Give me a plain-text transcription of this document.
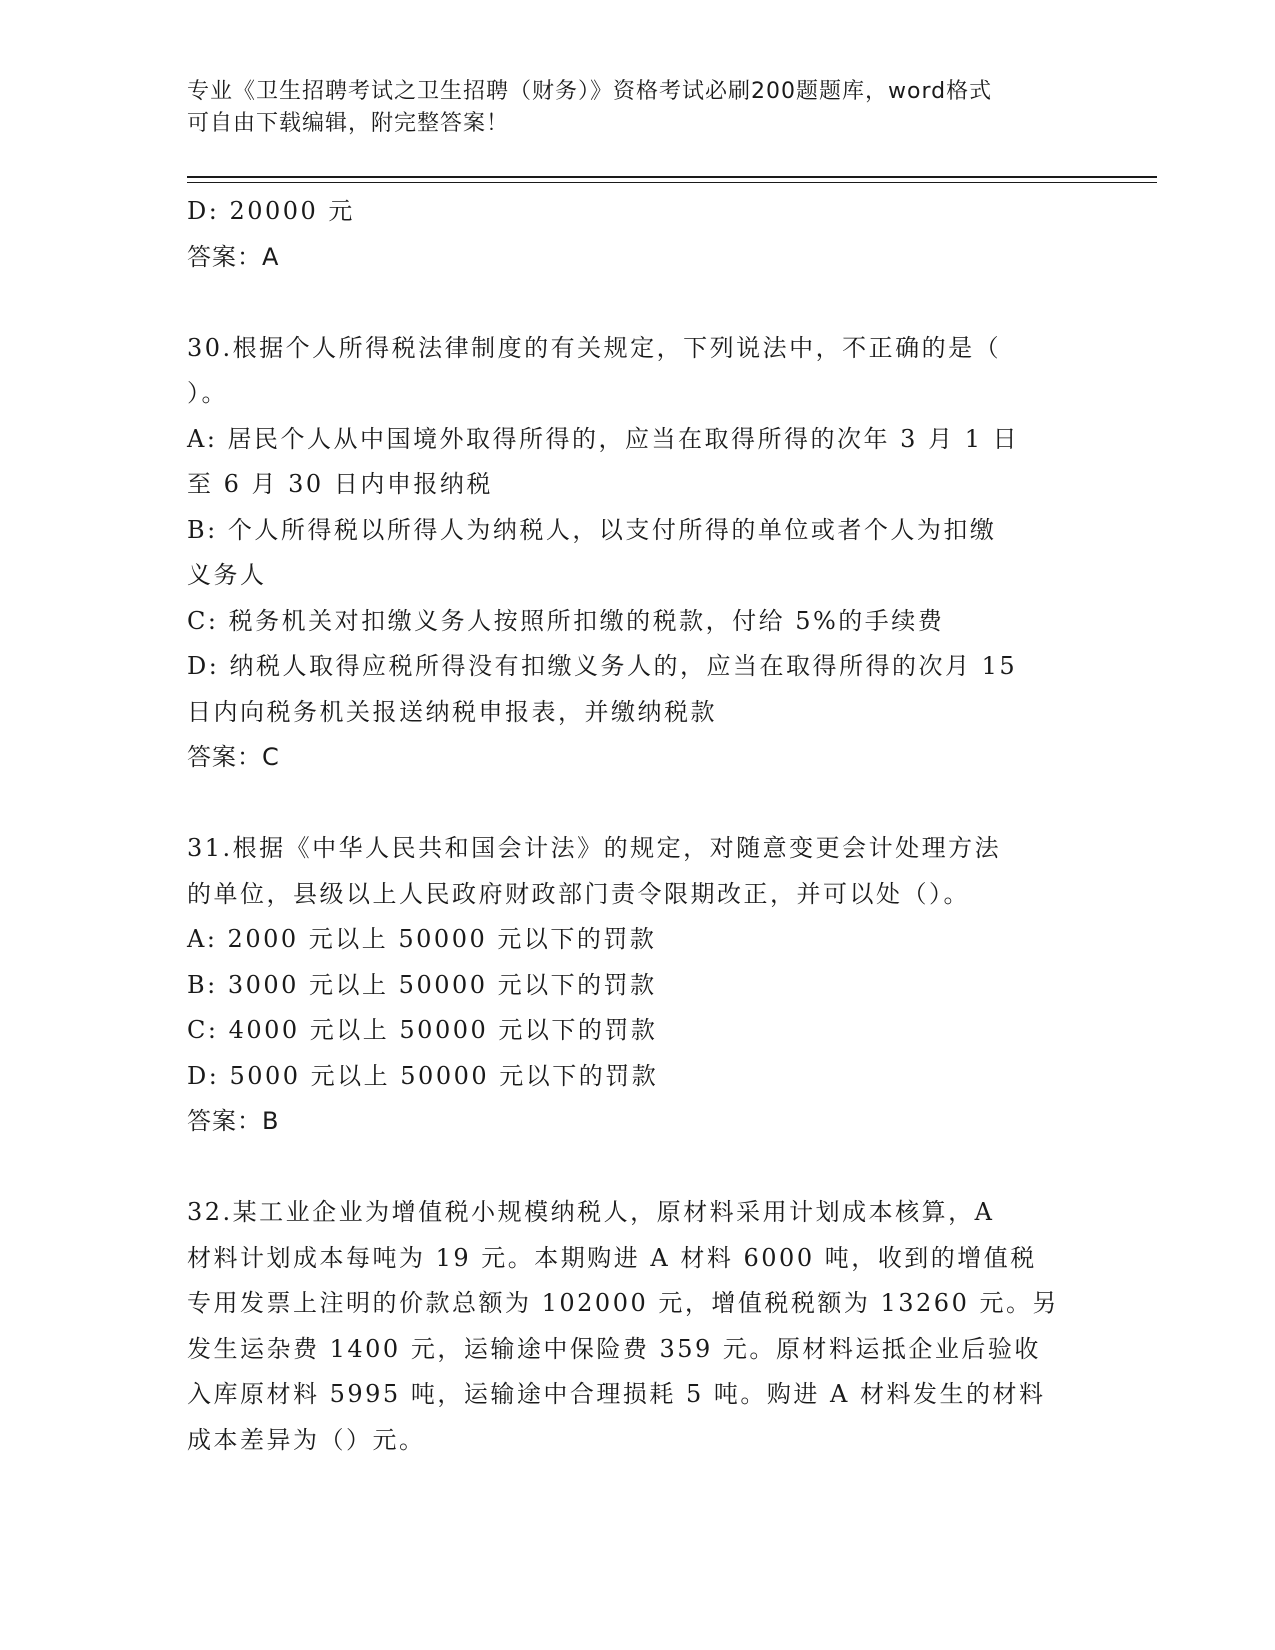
专业《卫生招聘考试之卫生招聘（财务）》资格考试必刷200题题库，word格式
可自由下载编辑，附完整答案！

D: 20000 元

答案：A

30.根据个人所得税法律制度的有关规定，下列说法中，不正确的是（

）。

A: 居民个人从中国境外取得所得的，应当在取得所得的次年 3 月 1 日

至 6 月 30 日内申报纳税

B: 个人所得税以所得人为纳税人，以支付所得的单位或者个人为扣缴

义务人

C: 税务机关对扣缴义务人按照所扣缴的税款，付给 5%的手续费

D: 纳税人取得应税所得没有扣缴义务人的，应当在取得所得的次月 15

日内向税务机关报送纳税申报表，并缴纳税款

答案：C

31.根据《中华人民共和国会计法》的规定，对随意变更会计处理方法

的单位，县级以上人民政府财政部门责令限期改正，并可以处（）。

A: 2000 元以上 50000 元以下的罚款

B: 3000 元以上 50000 元以下的罚款

C: 4000 元以上 50000 元以下的罚款

D: 5000 元以上 50000 元以下的罚款

答案：B

32.某工业企业为增值税小规模纳税人，原材料采用计划成本核算，A

材料计划成本每吨为 19 元。本期购进 A 材料 6000 吨，收到的增值税

专用发票上注明的价款总额为 102000 元，增值税税额为 13260 元。另

发生运杂费 1400 元，运输途中保险费 359 元。原材料运抵企业后验收

入库原材料 5995 吨，运输途中合理损耗 5 吨。购进 A 材料发生的材料

成本差异为（）元。
